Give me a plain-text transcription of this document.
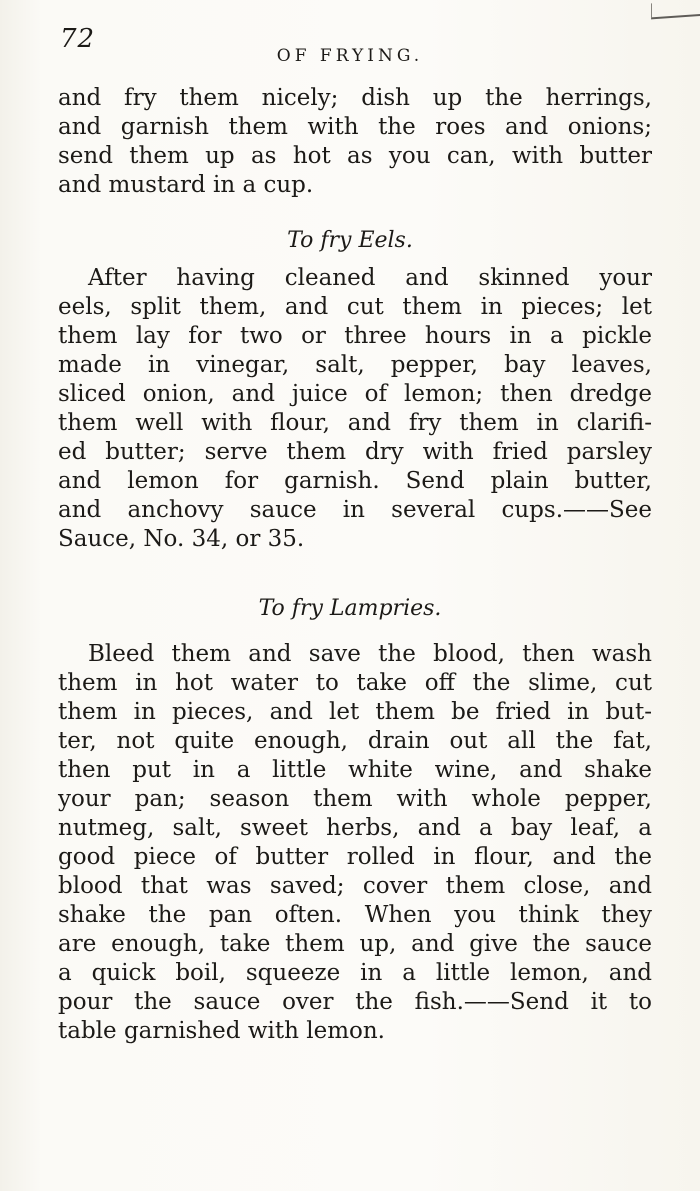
72
OF FRYING.
and fry them nicely; dish up the herrings,
and garnish them with the roes and onions;
send them up as hot as you can, with butter
and mustard in a cup.
To fry Eels.
After having cleaned and skinned your
eels, split them, and cut them in pieces; let
them lay for two or three hours in a pickle
made in vinegar, salt, pepper, bay leaves,
sliced onion, and juice of lemon; then dredge
them well with flour, and fry them in clarifi-
ed butter; serve them dry with fried parsley
and lemon for garnish. Send plain butter,
and anchovy sauce in several cups.——See
Sauce, No. 34, or 35.
To fry Lampries.
Bleed them and save the blood, then wash
them in hot water to take off the slime, cut
them in pieces, and let them be fried in but-
ter, not quite enough, drain out all the fat,
then put in a little white wine, and shake
your pan; season them with whole pepper,
nutmeg, salt, sweet herbs, and a bay leaf, a
good piece of butter rolled in flour, and the
blood that was saved; cover them close, and
shake the pan often. When you think they
are enough, take them up, and give the sauce
a quick boil, squeeze in a little lemon, and
pour the sauce over the fish.——Send it to
table garnished with lemon.
